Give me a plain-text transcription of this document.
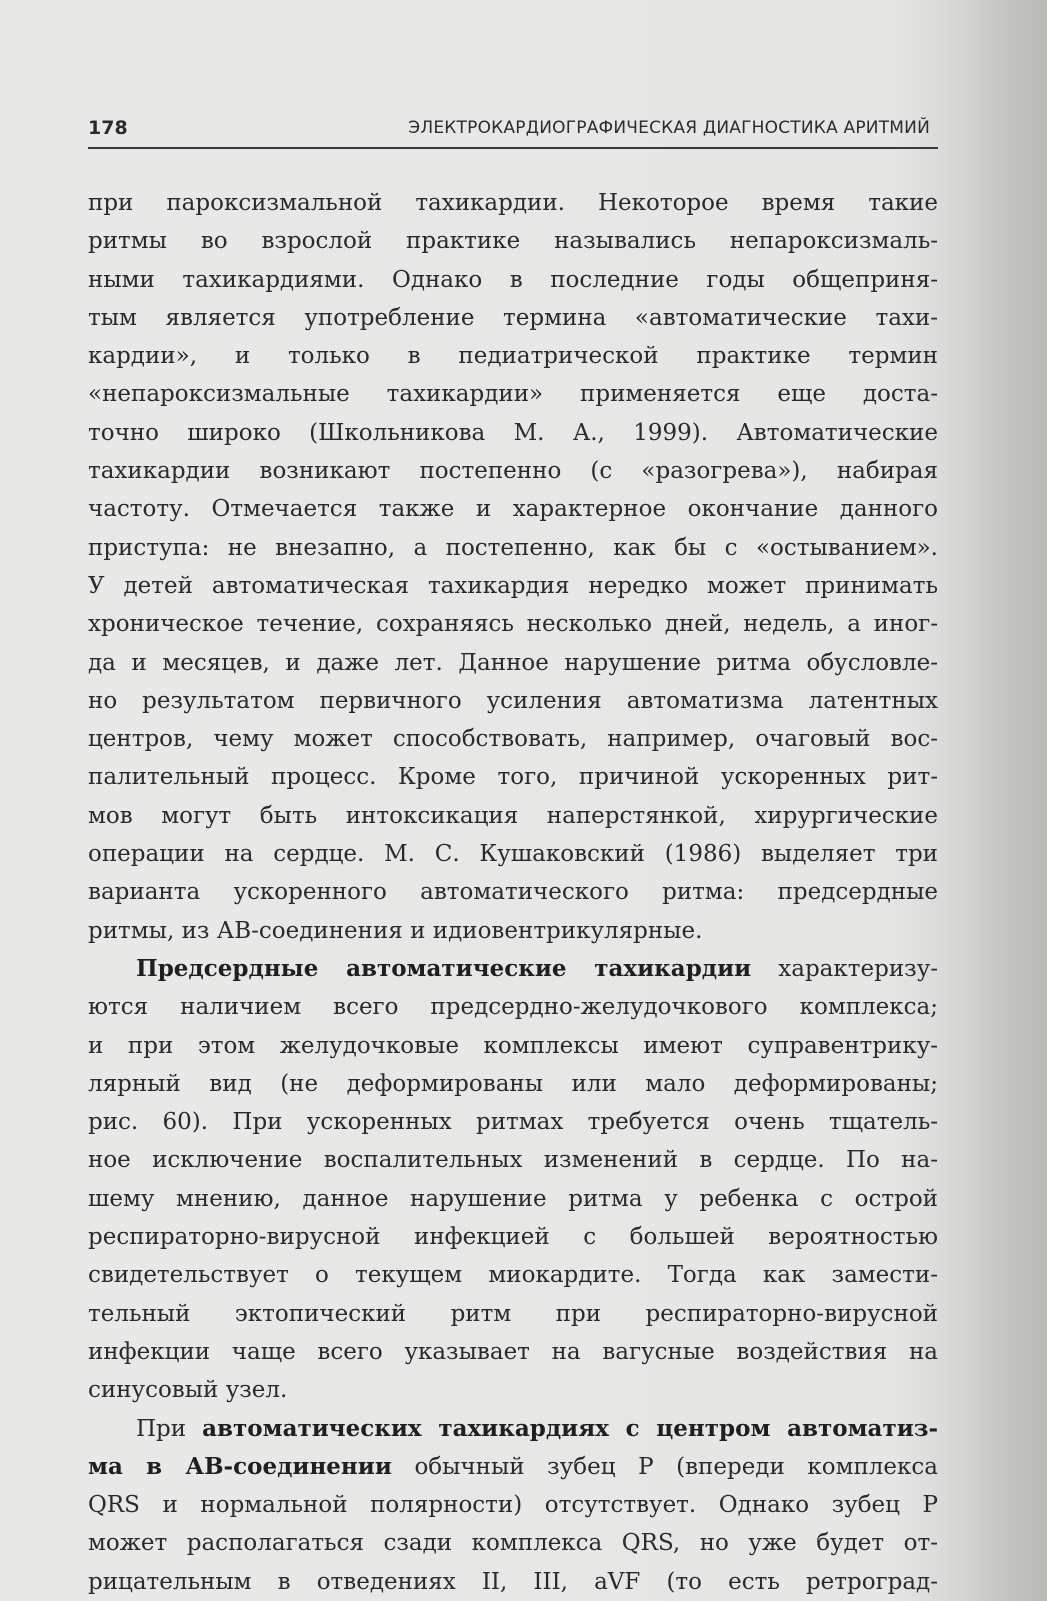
178	ЭЛЕКТРОКАРДИОГРАФИЧЕСКАЯ ДИАГНОСТИКА АРИТМИЙ
при пароксизмальной тахикардии. Некоторое время такие
ритмы во взрослой практике назывались непароксизмаль-
ными тахикардиями. Однако в последние годы общеприня-
тым является употребление термина «автоматические тахи-
кардии», и только в педиатрической практике термин
«непароксизмальные тахикардии» применяется еще доста-
точно широко (Школьникова М. А., 1999). Автоматические
тахикардии возникают постепенно (с «разогрева»), набирая
частоту. Отмечается также и характерное окончание данного
приступа: не внезапно, а постепенно, как бы с «остыванием».
У детей автоматическая тахикардия нередко может принимать
хроническое течение, сохраняясь несколько дней, недель, а иног-
да и месяцев, и даже лет. Данное нарушение ритма обусловле-
но результатом первичного усиления автоматизма латентных
центров, чему может способствовать, например, очаговый вос-
палительный процесс. Кроме того, причиной ускоренных рит-
мов могут быть интоксикация наперстянкой, хирургические
операции на сердце. М. С. Кушаковский (1986) выделяет три
варианта ускоренного автоматического ритма: предсердные
ритмы, из АВ-соединения и идиовентрикулярные.
Предсердные автоматические тахикардии характеризу-
ются наличием всего предсердно-желудочкового комплекса;
и при этом желудочковые комплексы имеют суправентрику-
лярный вид (не деформированы или мало деформированы;
рис. 60). При ускоренных ритмах требуется очень тщатель-
ное исключение воспалительных изменений в сердце. По на-
шему мнению, данное нарушение ритма у ребенка с острой
респираторно-вирусной инфекцией с большей вероятностью
свидетельствует о текущем миокардите. Тогда как замести-
тельный эктопический ритм при респираторно-вирусной
инфекции чаще всего указывает на вагусные воздействия на
синусовый узел.
При автоматических тахикардиях с центром автоматиз-
ма в АВ-соединении обычный зубец P (впереди комплекса
QRS и нормальной полярности) отсутствует. Однако зубец P
может располагаться сзади комплекса QRS, но уже будет от-
рицательным в отведениях II, III, aVF (то есть ретроград-
